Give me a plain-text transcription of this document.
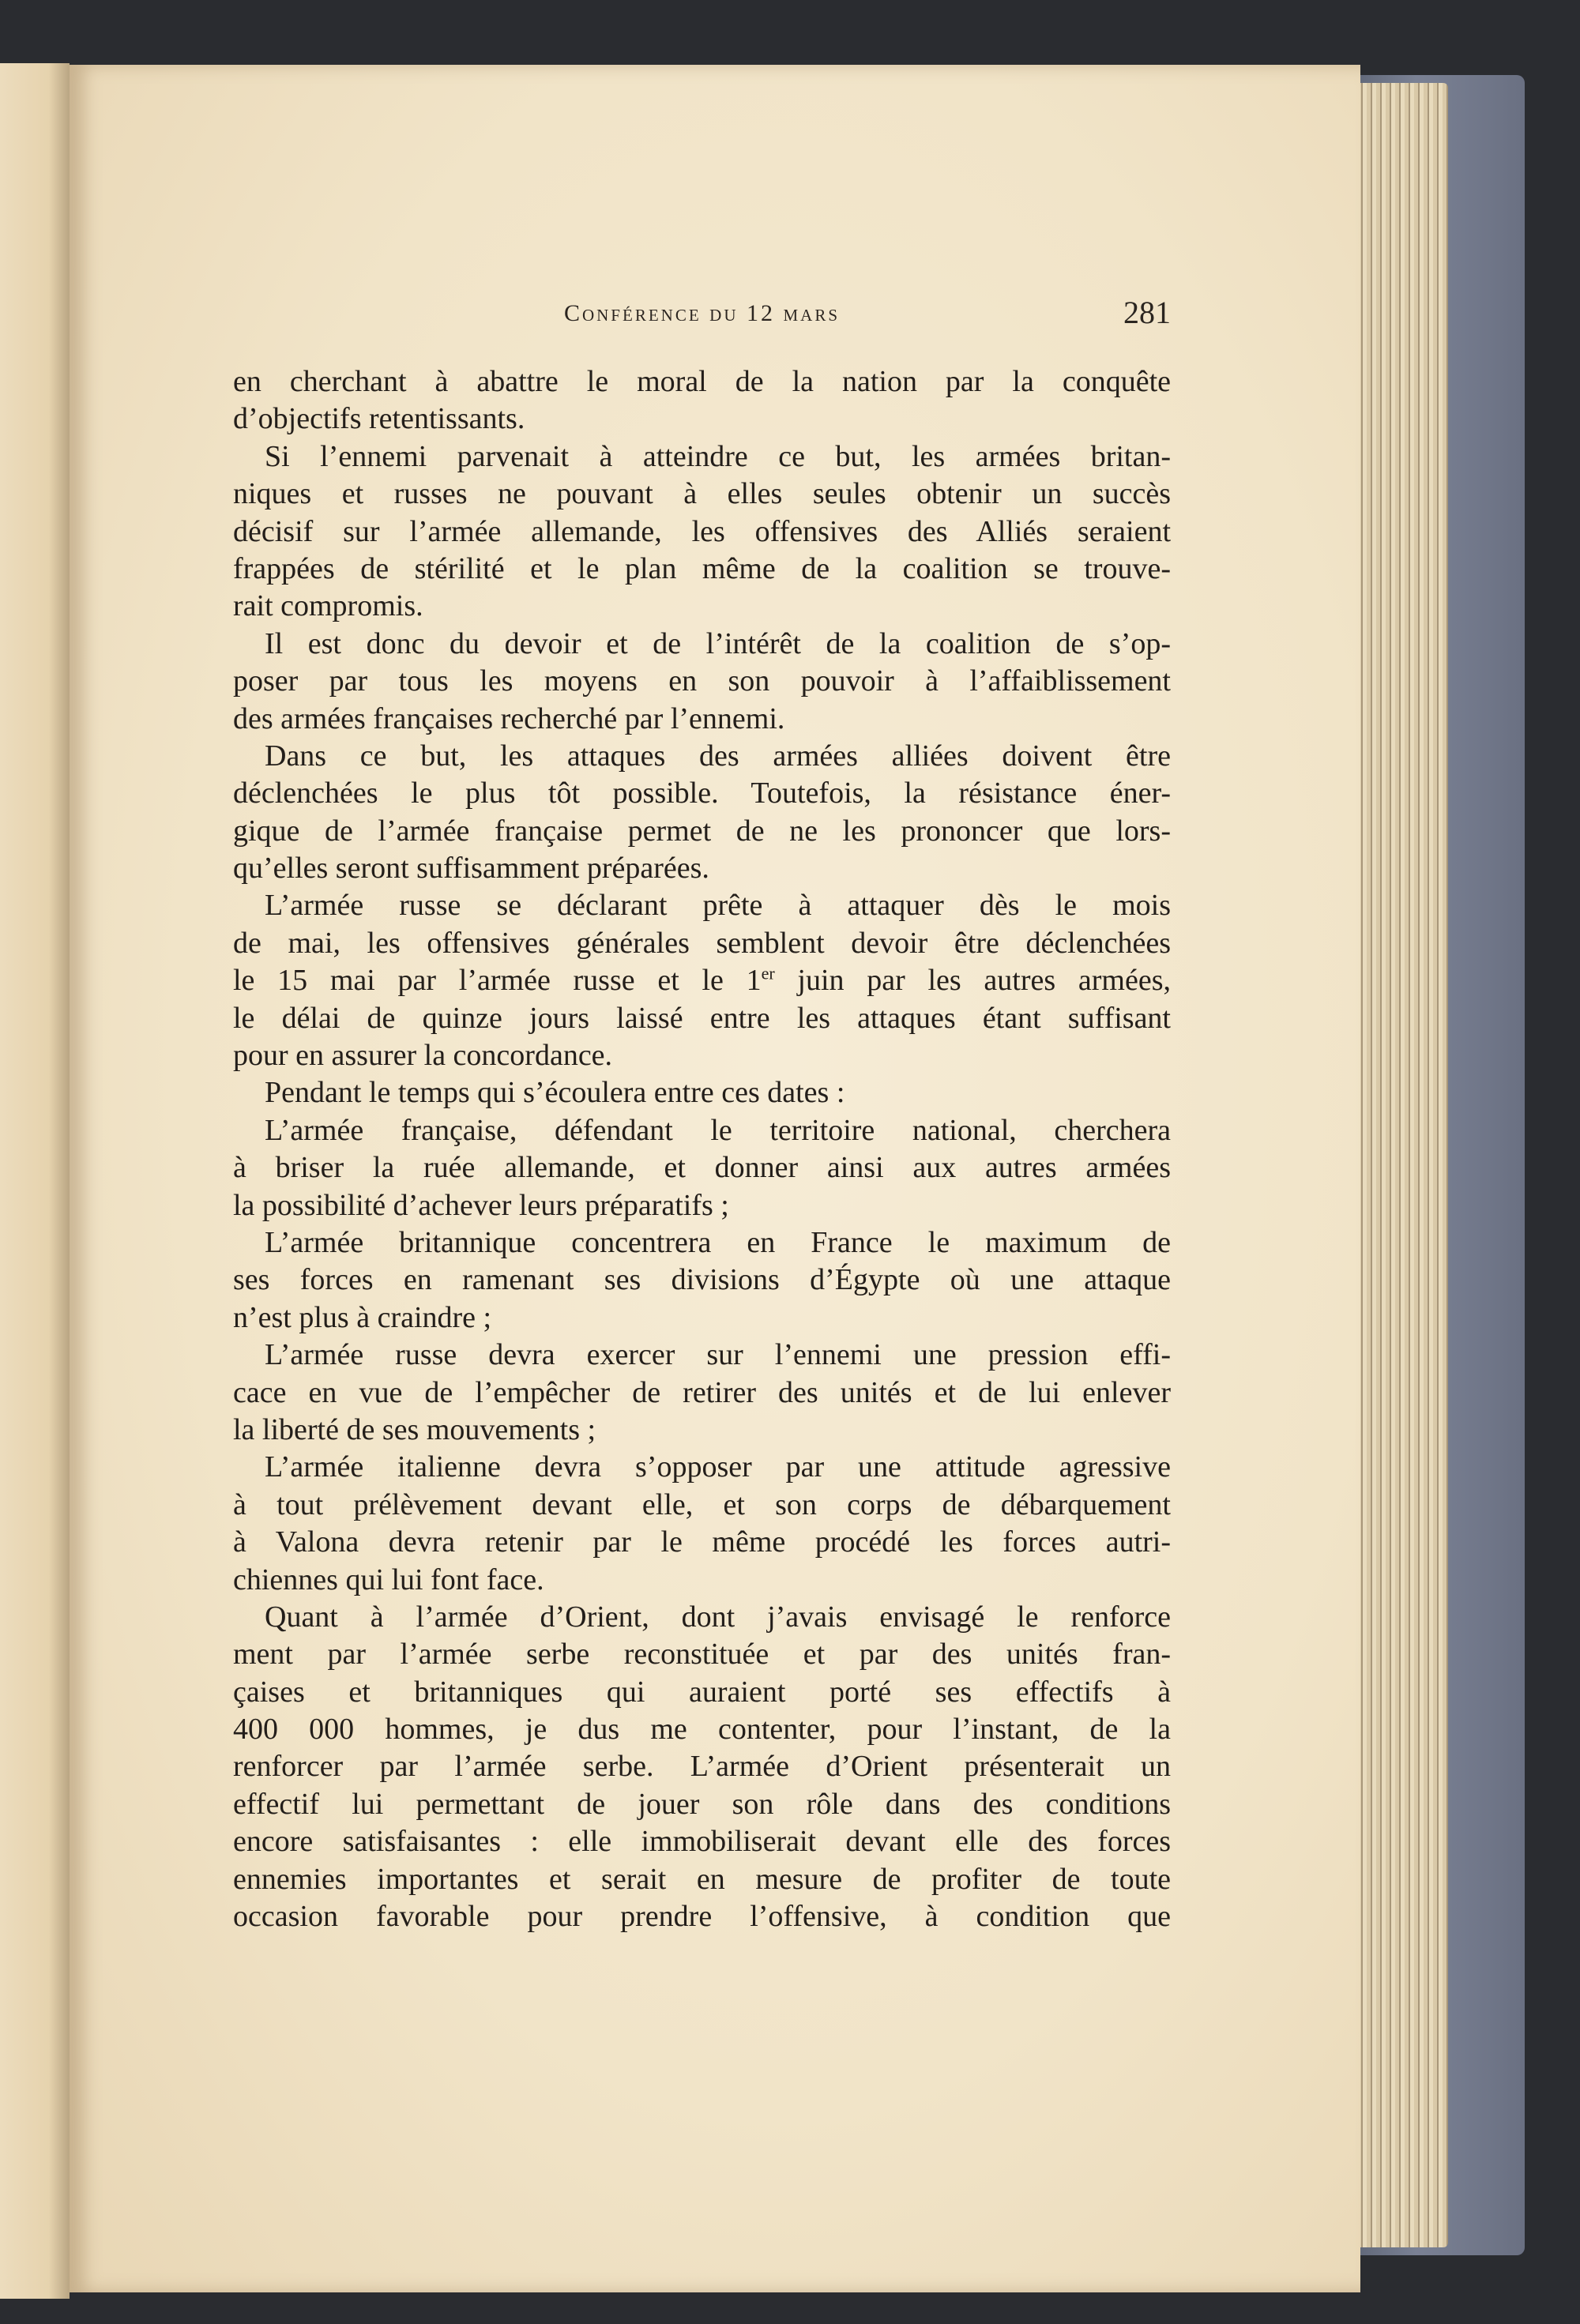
Conférence du 12 mars	281
en cherchant à abattre le moral de la nation par la conquête
d’objectifs retentissants.
Si l’ennemi parvenait à atteindre ce but, les armées britan-
niques et russes ne pouvant à elles seules obtenir un succès
décisif sur l’armée allemande, les offensives des Alliés seraient
frappées de stérilité et le plan même de la coalition se trouve-
rait compromis.
Il est donc du devoir et de l’intérêt de la coalition de s’op-
poser par tous les moyens en son pouvoir à l’affaiblissement
des armées françaises recherché par l’ennemi.
Dans ce but, les attaques des armées alliées doivent être
déclenchées le plus tôt possible. Toutefois, la résistance éner-
gique de l’armée française permet de ne les prononcer que lors-
qu’elles seront suffisamment préparées.
L’armée russe se déclarant prête à attaquer dès le mois
de mai, les offensives générales semblent devoir être déclenchées
le 15 mai par l’armée russe et le 1er juin par les autres armées,
le délai de quinze jours laissé entre les attaques étant suffisant
pour en assurer la concordance.
Pendant le temps qui s’écoulera entre ces dates :
L’armée française, défendant le territoire national, cherchera
à briser la ruée allemande, et donner ainsi aux autres armées
la possibilité d’achever leurs préparatifs ;
L’armée britannique concentrera en France le maximum de
ses forces en ramenant ses divisions d’Égypte où une attaque
n’est plus à craindre ;
L’armée russe devra exercer sur l’ennemi une pression effi-
cace en vue de l’empêcher de retirer des unités et de lui enlever
la liberté de ses mouvements ;
L’armée italienne devra s’opposer par une attitude agressive
à tout prélèvement devant elle, et son corps de débarquement
à Valona devra retenir par le même procédé les forces autri-
chiennes qui lui font face.
Quant à l’armée d’Orient, dont j’avais envisagé le renforce
ment par l’armée serbe reconstituée et par des unités fran-
çaises et britanniques qui auraient porté ses effectifs à
400 000 hommes, je dus me contenter, pour l’instant, de la
renforcer par l’armée serbe. L’armée d’Orient présenterait un
effectif lui permettant de jouer son rôle dans des conditions
encore satisfaisantes : elle immobiliserait devant elle des forces
ennemies importantes et serait en mesure de profiter de toute
occasion favorable pour prendre l’offensive, à condition que
